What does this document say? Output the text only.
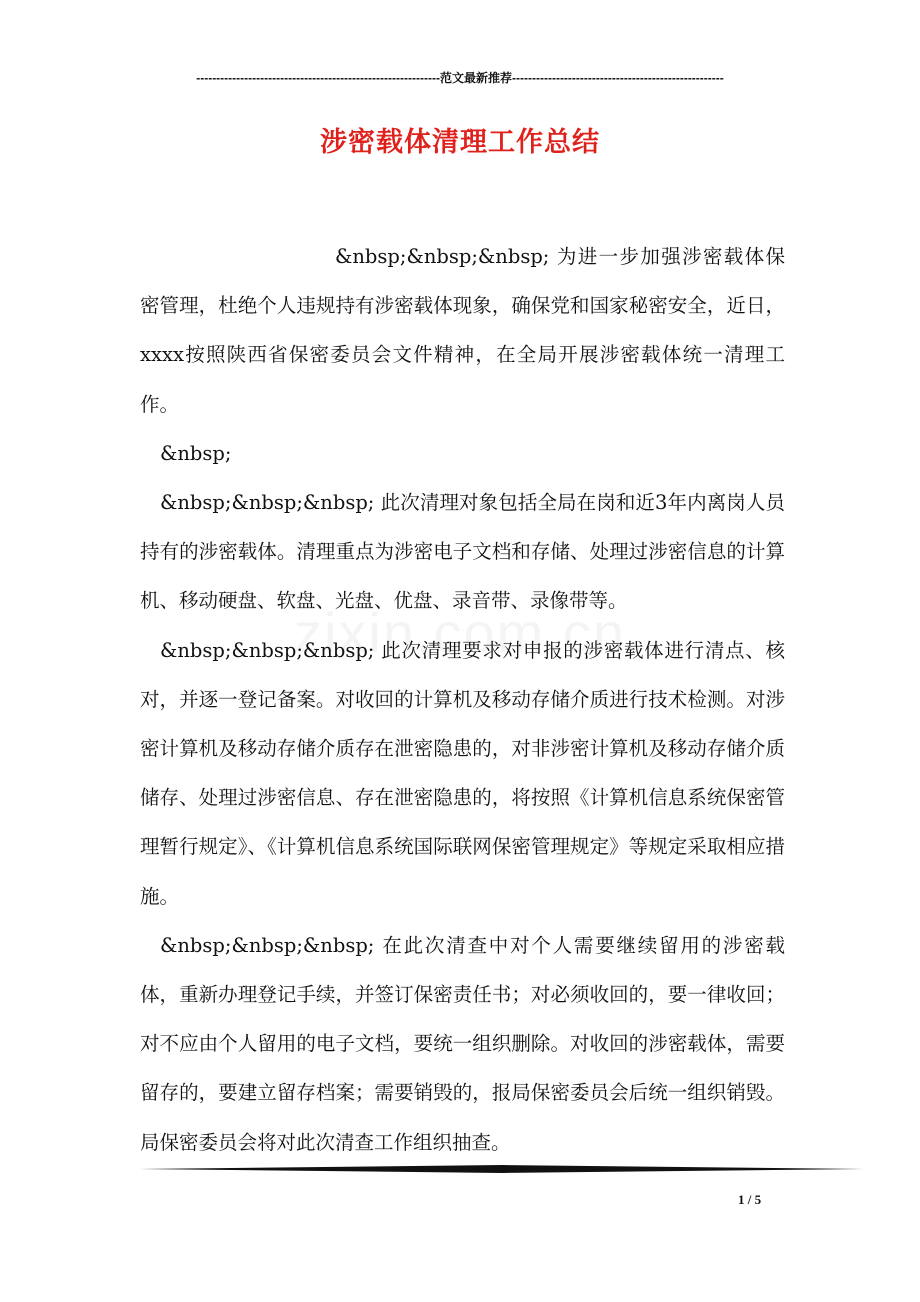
-------------------------------------------------------------范文最新推荐-----------------------------------------------------
涉密载体清理工作总结

&nbsp;&nbsp;&nbsp; 为进一步加强涉密载体保密管理，杜绝个人违规持有涉密载体现象，确保党和国家秘密安全，近日，xxxx按照陕西省保密委员会文件精神，在全局开展涉密载体统一清理工作。

&nbsp;

&nbsp;&nbsp;&nbsp; 此次清理对象包括全局在岗和近3年内离岗人员持有的涉密载体。清理重点为涉密电子文档和存储、处理过涉密信息的计算机、移动硬盘、软盘、光盘、优盘、录音带、录像带等。

&nbsp;&nbsp;&nbsp; 此次清理要求对申报的涉密载体进行清点、核对，并逐一登记备案。对收回的计算机及移动存储介质进行技术检测。对涉密计算机及移动存储介质存在泄密隐患的，对非涉密计算机及移动存储介质储存、处理过涉密信息、存在泄密隐患的，将按照《计算机信息系统保密管理暂行规定》、《计算机信息系统国际联网保密管理规定》等规定采取相应措施。

&nbsp;&nbsp;&nbsp; 在此次清查中对个人需要继续留用的涉密载体，重新办理登记手续，并签订保密责任书；对必须收回的，要一律收回；对不应由个人留用的电子文档，要统一组织删除。对收回的涉密载体，需要留存的，要建立留存档案；需要销毁的，报局保密委员会后统一组织销毁。局保密委员会将对此次清查工作组织抽查。

1 / 5
